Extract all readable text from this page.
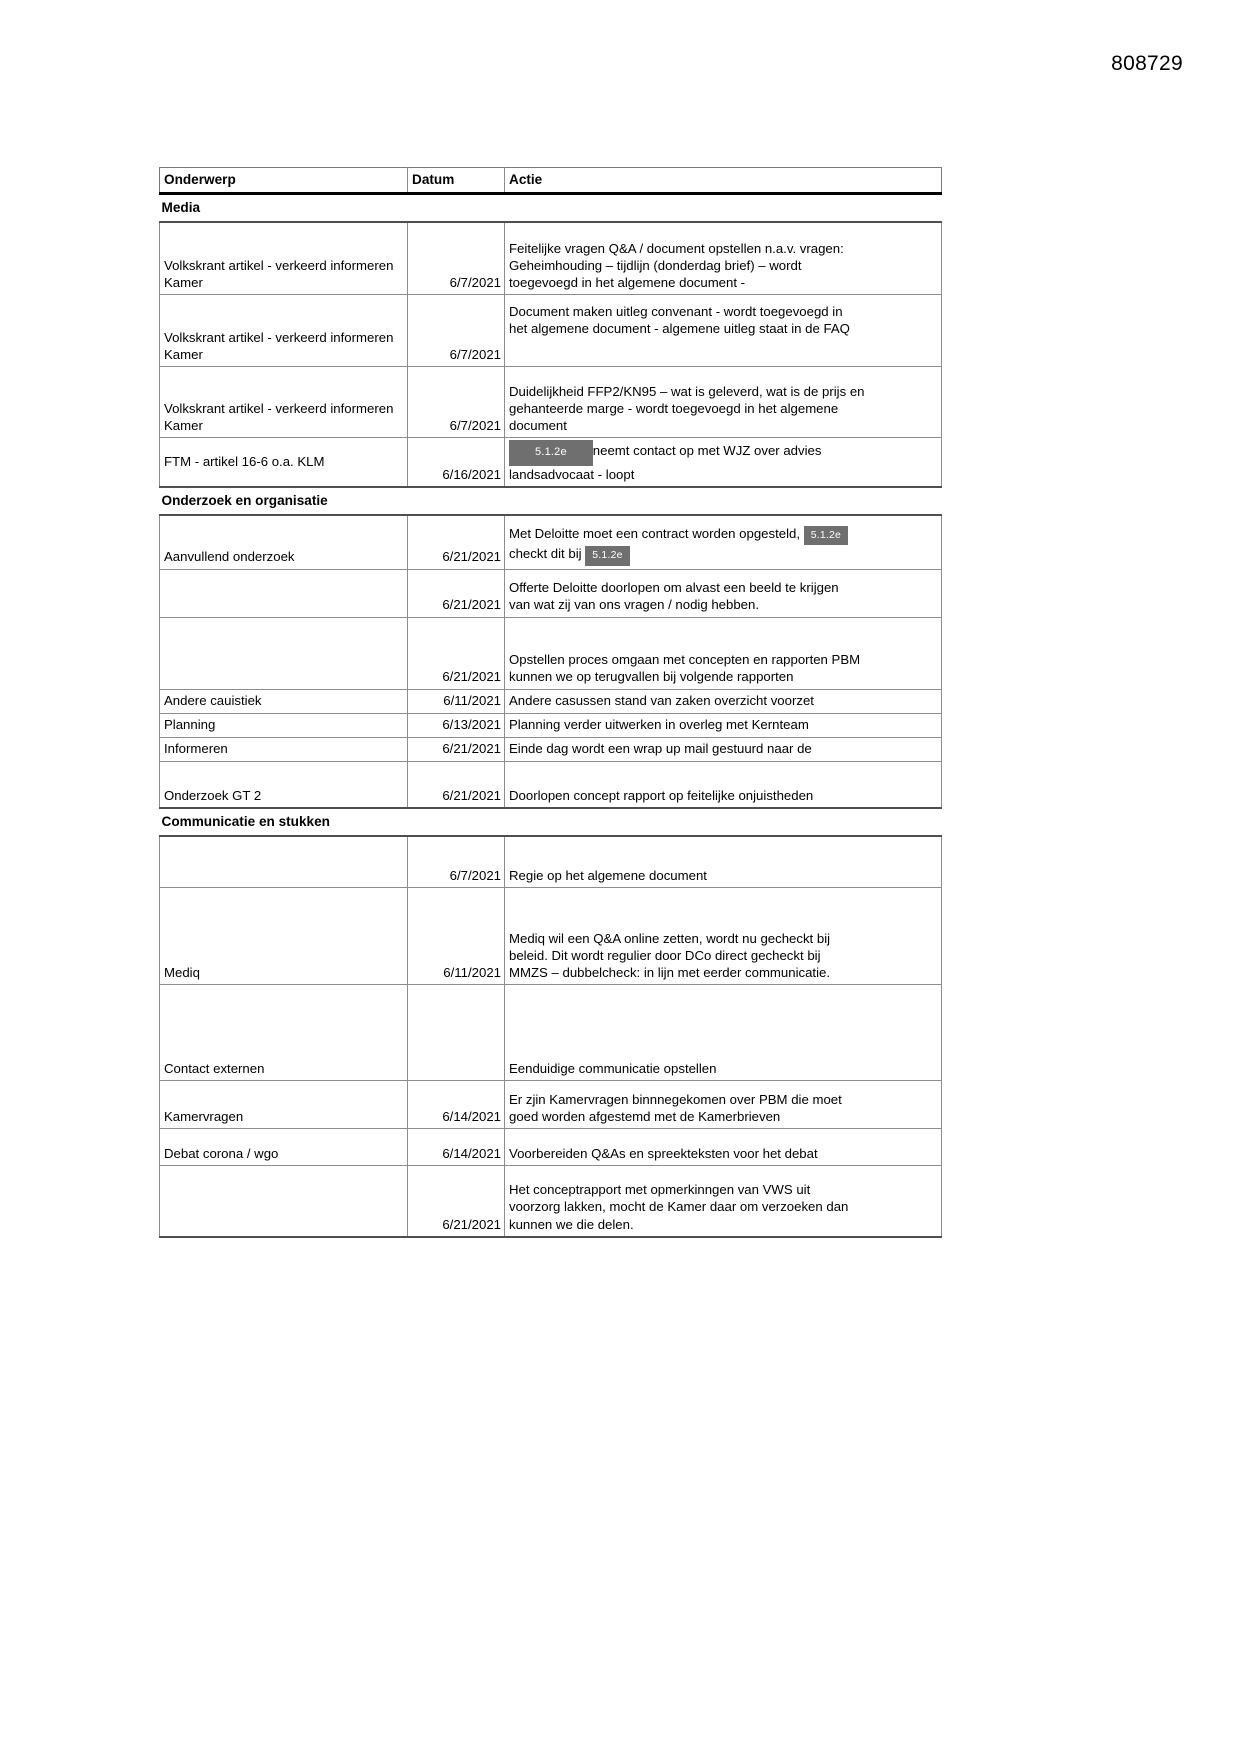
808729
Onderwerp	Datum	Actie
Media		
Volkskrant artikel - verkeerd informeren Kamer	6/7/2021	Feitelijke vragen Q&A / document opstellen n.a.v. vragen:
Geheimhouding – tijdlijn (donderdag brief) – wordt
toegevoegd in het algemene document -

Volkskrant artikel - verkeerd informeren Kamer	6/7/2021	Document maken uitleg convenant - wordt toegevoegd in
het algemene document - algemene uitleg staat in de FAQ

Volkskrant artikel - verkeerd informeren Kamer	6/7/2021	Duidelijkheid FFP2/KN95 – wat is geleverd, wat is de prijs en
gehanteerde marge - wordt toegevoegd in het algemene
document

FTM - artikel 16-6 o.a. KLM	6/16/2021	5.1.2e neemt contact op met WJZ over advies
landsadvocaat - loopt

Onderzoek en organisatie		
Aanvullend onderzoek	6/21/2021	Met Deloitte moet een contract worden opgesteld, 5.1.2e
checkt dit bij 5.1.2e

	6/21/2021	Offerte Deloitte doorlopen om alvast een beeld te krijgen
van wat zij van ons vragen / nodig hebben.

	6/21/2021	Opstellen proces omgaan met concepten en rapporten PBM
kunnen we op terugvallen bij volgende rapporten

Andere cauistiek	6/11/2021	Andere casussen stand van zaken overzicht voorzet
Planning	6/13/2021	Planning verder uitwerken in overleg met Kernteam
Informeren	6/21/2021	Einde dag wordt een wrap up mail gestuurd naar de
Onderzoek GT 2	6/21/2021	Doorlopen concept rapport op feitelijke onjuistheden
Communicatie en stukken		
	6/7/2021	Regie op het algemene document
Mediq	6/11/2021	Mediq wil een Q&A online zetten, wordt nu gecheckt bij
beleid. Dit wordt regulier door DCo direct gecheckt bij
MMZS – dubbelcheck: in lijn met eerder communicatie.

Contact externen		Eenduidige communicatie opstellen
Kamervragen	6/14/2021	Er zjin Kamervragen binnnegekomen over PBM die moet
goed worden afgestemd met de Kamerbrieven

Debat corona / wgo	6/14/2021	Voorbereiden Q&As en spreekteksten voor het debat
	6/21/2021	Het conceptrapport met opmerkinngen van VWS uit
voorzorg lakken, mocht de Kamer daar om verzoeken dan
kunnen we die delen.
